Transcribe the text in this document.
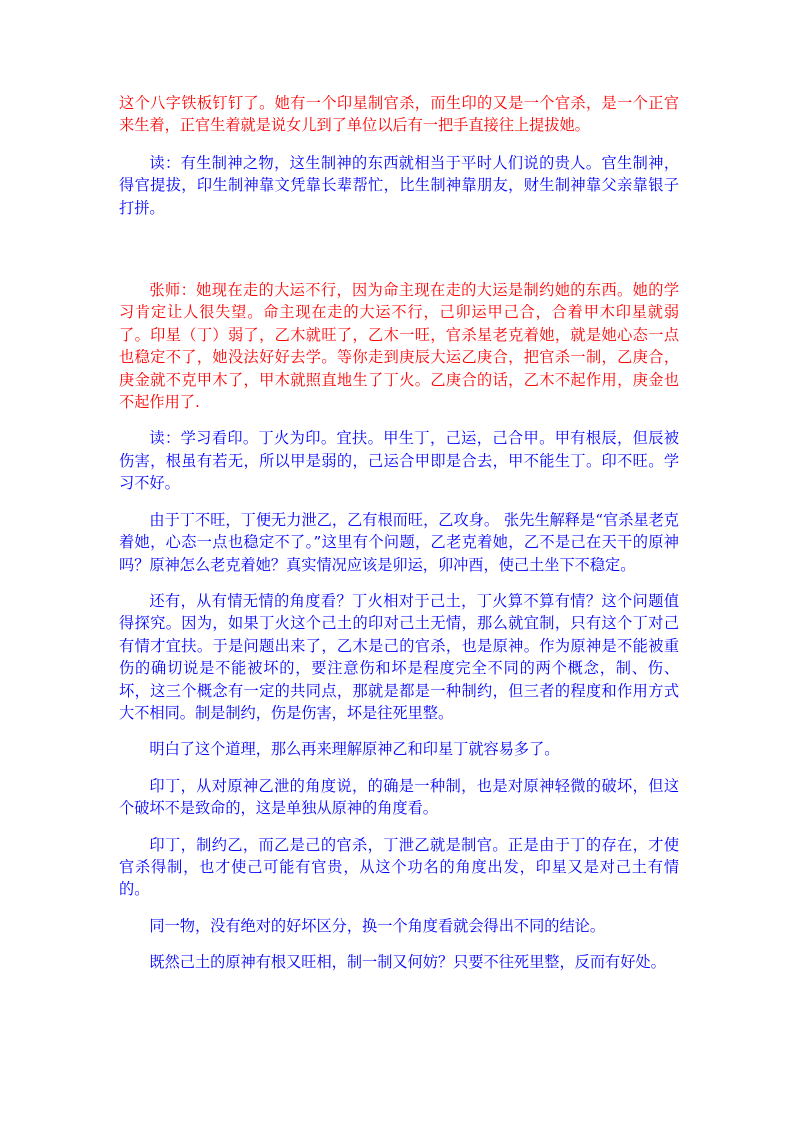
这个八字铁板钉钉了。她有一个印星制官杀，而生印的又是一个官杀，是一个正官来生着，正官生着就是说女儿到了单位以后有一把手直接往上提拔她。

读：有生制神之物，这生制神的东西就相当于平时人们说的贵人。官生制神，得官提拔，印生制神靠文凭靠长辈帮忙，比生制神靠朋友，财生制神靠父亲靠银子打拼。

张师：她现在走的大运不行，因为命主现在走的大运是制约她的东西。她的学习肯定让人很失望。命主现在走的大运不行，己卯运甲己合，合着甲木印星就弱了。印星（丁）弱了，乙木就旺了，乙木一旺，官杀星老克着她，就是她心态一点也稳定不了，她没法好好去学。等你走到庚辰大运乙庚合，把官杀一制，乙庚合，庚金就不克甲木了，甲木就照直地生了丁火。乙庚合的话，乙木不起作用，庚金也不起作用了.

读：学习看印。丁火为印。宜扶。甲生丁，己运，己合甲。甲有根辰，但辰被伤害，根虽有若无，所以甲是弱的，己运合甲即是合去，甲不能生丁。印不旺。学习不好。

由于丁不旺，丁便无力泄乙，乙有根而旺，乙攻身。 张先生解释是“官杀星老克着她，心态一点也稳定不了。”这里有个问题，乙老克着她，乙不是己在天干的原神吗？原神怎么老克着她？真实情况应该是卯运，卯冲酉，使己土坐下不稳定。

还有，从有情无情的角度看？丁火相对于己土，丁火算不算有情？这个问题值得探究。因为，如果丁火这个己土的印对己土无情，那么就宜制，只有这个丁对己有情才宜扶。于是问题出来了，乙木是己的官杀，也是原神。作为原神是不能被重伤的确切说是不能被坏的，要注意伤和坏是程度完全不同的两个概念，制、伤、坏，这三个概念有一定的共同点，那就是都是一种制约，但三者的程度和作用方式大不相同。制是制约，伤是伤害，坏是往死里整。

明白了这个道理，那么再来理解原神乙和印星丁就容易多了。

印丁，从对原神乙泄的角度说，的确是一种制，也是对原神轻微的破坏，但这个破坏不是致命的，这是单独从原神的角度看。

印丁，制约乙，而乙是己的官杀，丁泄乙就是制官。正是由于丁的存在，才使官杀得制，也才使己可能有官贵，从这个功名的角度出发，印星又是对己土有情的。

同一物，没有绝对的好坏区分，换一个角度看就会得出不同的结论。

既然己土的原神有根又旺相，制一制又何妨？只要不往死里整，反而有好处。
